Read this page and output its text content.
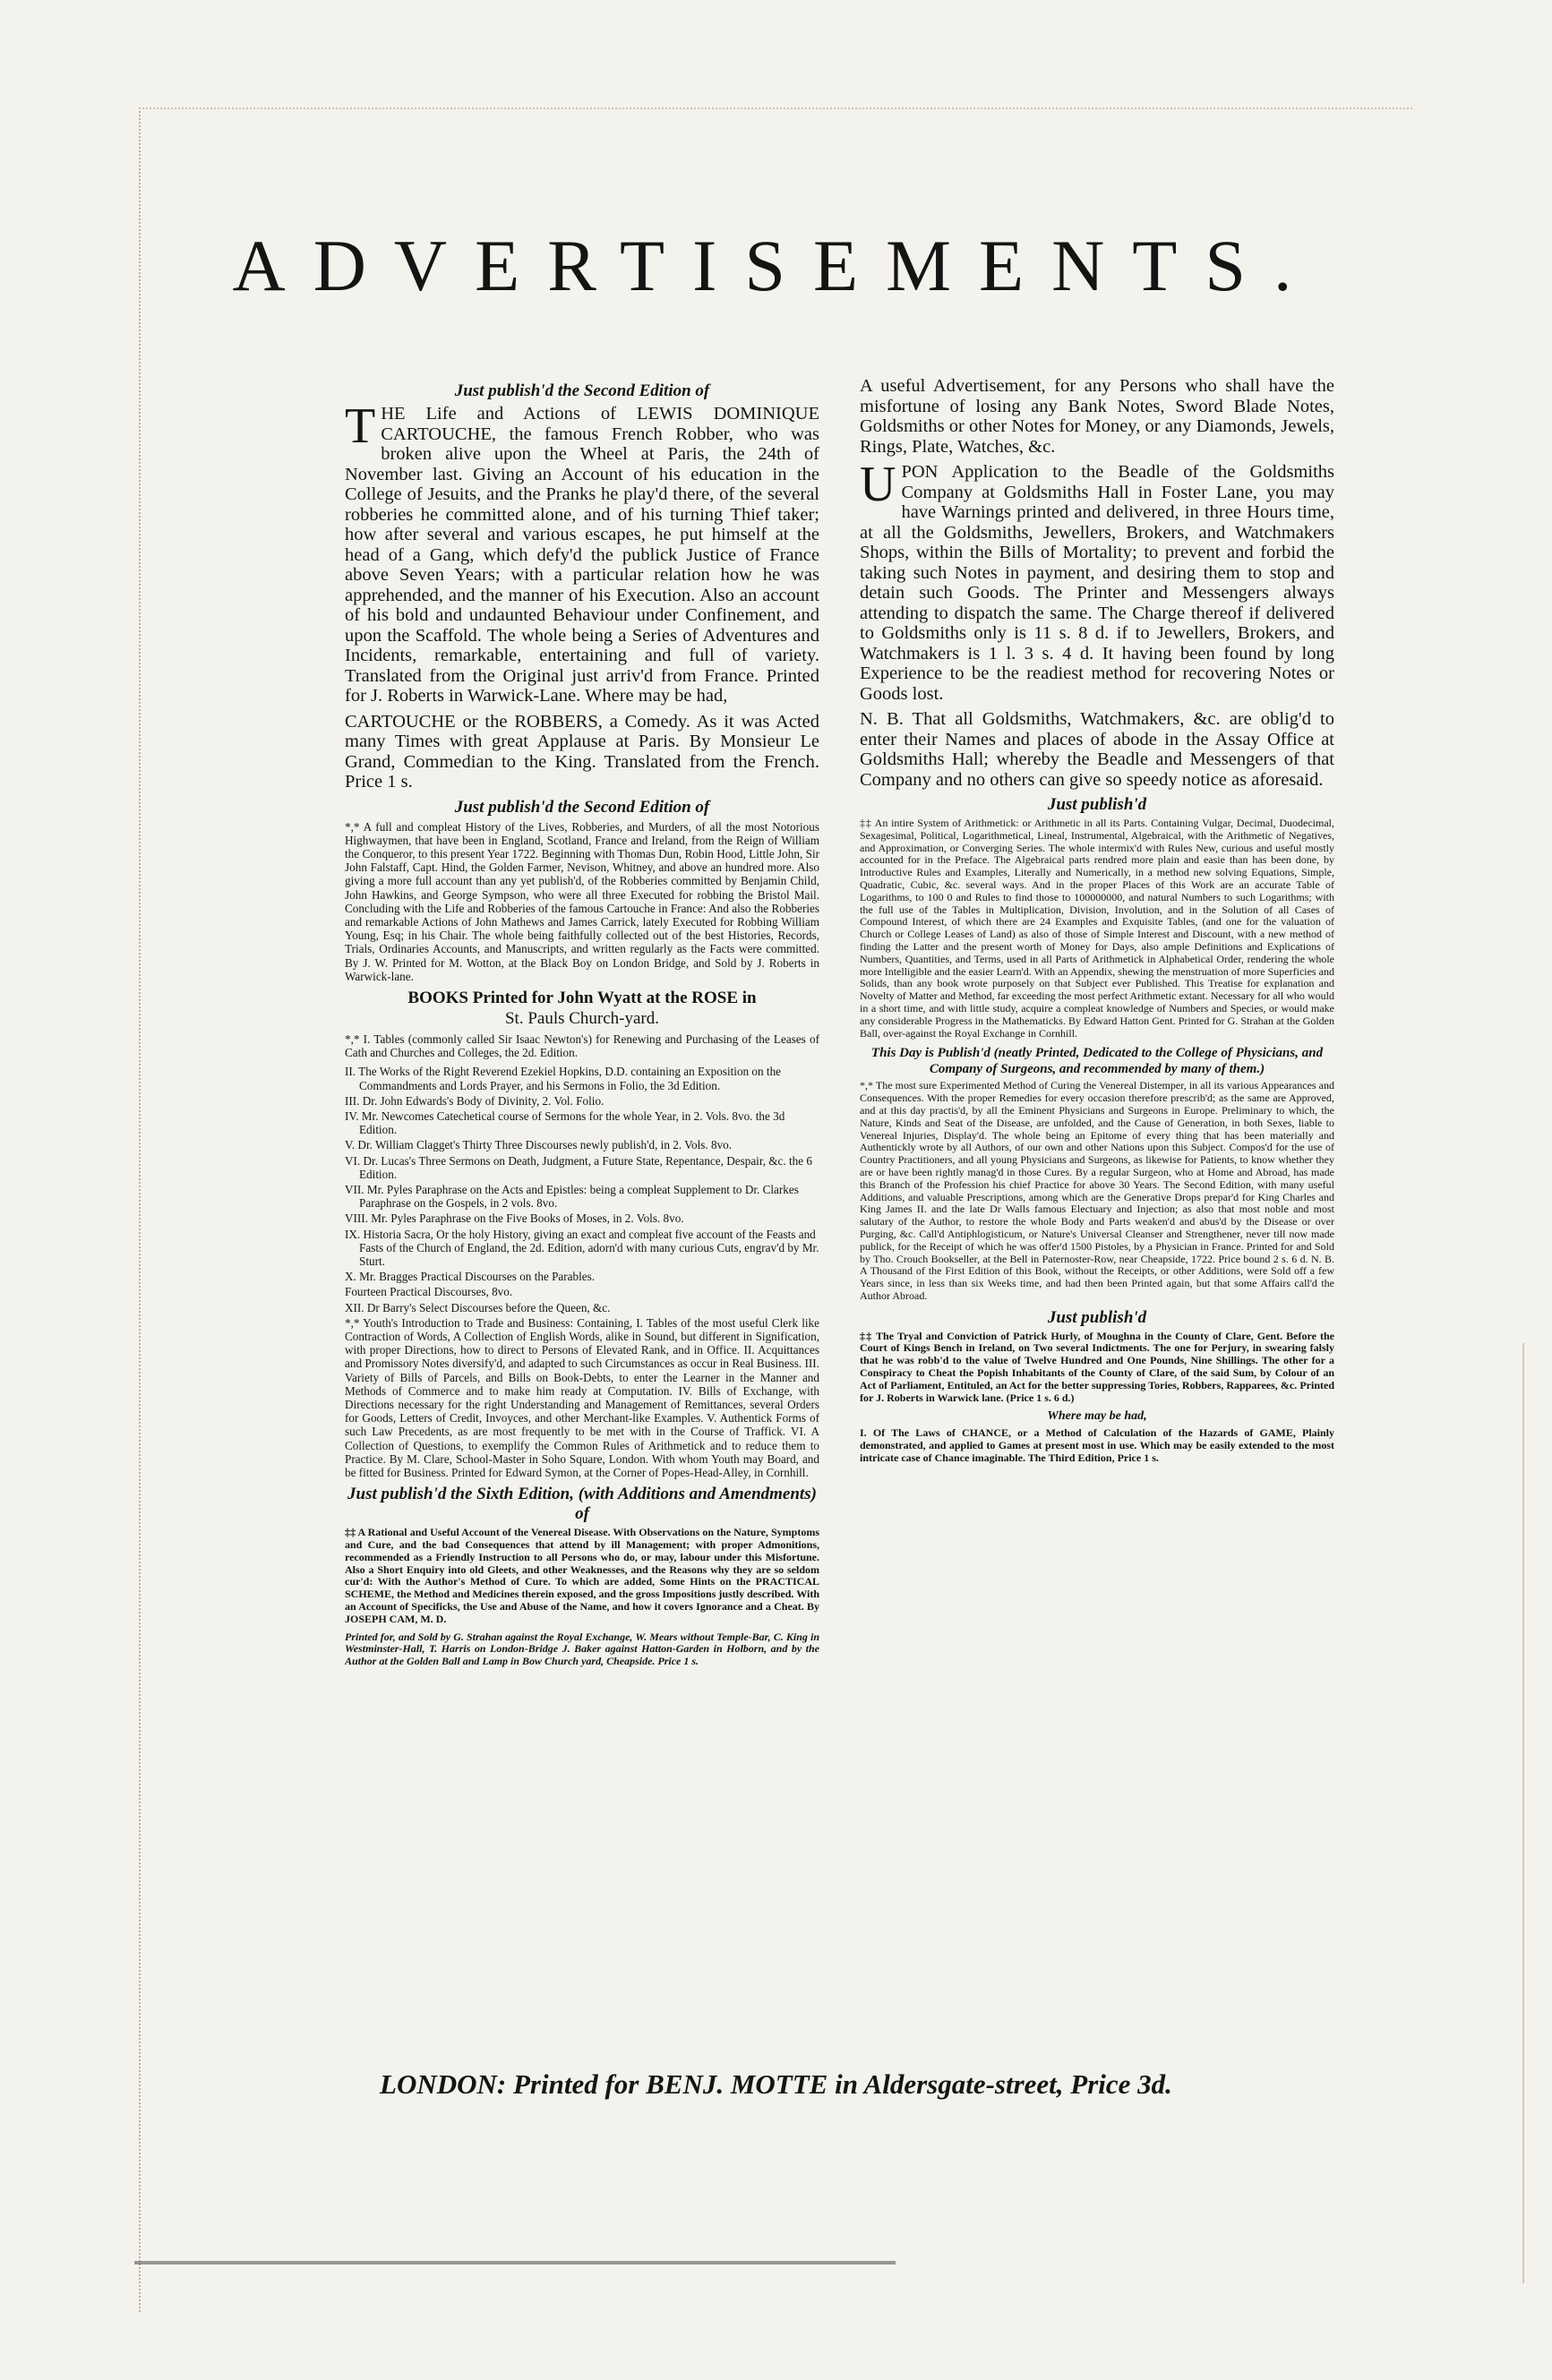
ADVERTISEMENTS.

Just publish'd the Second Edition of

THE Life and Actions of LEWIS DOMINIQUE CARTOUCHE, the famous French Robber, who was broken alive upon the Wheel at Paris, the 24th of November last. Giving an Account of his education in the College of Jesuits, and the Pranks he play'd there, of the several robberies he committed alone, and of his turning Thief taker; how after several and various escapes, he put himself at the head of a Gang, which defy'd the publick Justice of France above Seven Years; with a particular relation how he was apprehended, and the manner of his Execution. Also an account of his bold and undaunted Behaviour under Confinement, and upon the Scaffold. The whole being a Series of Adventures and Incidents, remarkable, entertaining and full of variety. Translated from the Original just arriv'd from France. Printed for J. Roberts in Warwick-Lane. Where may be had,

CARTOUCHE or the ROBBERS, a Comedy. As it was Acted many Times with great Applause at Paris. By Monsieur Le Grand, Commedian to the King. Translated from the French. Price 1 s.

Just publish'd the Second Edition of

*,* A full and compleat History of the Lives, Robberies, and Murders, of all the most Notorious Highwaymen, that have been in England, Scotland, France and Ireland, from the Reign of William the Conqueror, to this present Year 1722. Beginning with Thomas Dun, Robin Hood, Little John, Sir John Falstaff, Capt. Hind, the Golden Farmer, Nevison, Whitney, and above an hundred more. Also giving a more full account than any yet publish'd, of the Robberies committed by Benjamin Child, John Hawkins, and George Sympson, who were all three Executed for robbing the Bristol Mail. Concluding with the Life and Robberies of the famous Cartouche in France: And also the Robberies and remarkable Actions of John Mathews and James Carrick, lately Executed for Robbing William Young, Esq; in his Chair. The whole being faithfully collected out of the best Histories, Records, Trials, Ordinaries Accounts, and Manuscripts, and written regularly as the Facts were committed. By J. W. Printed for M. Wotton, at the Black Boy on London Bridge, and Sold by J. Roberts in Warwick-lane.

BOOKS Printed for John Wyatt at the ROSE in

St. Pauls Church-yard.

*,* I. Tables (commonly called Sir Isaac Newton's) for Renewing and Purchasing of the Leases of Cath and Churches and Colleges, the 2d. Edition.

II. The Works of the Right Reverend Ezekiel Hopkins, D.D. containing an Exposition on the Commandments and Lords Prayer, and his Sermons in Folio, the 3d Edition.

III. Dr. John Edwards's Body of Divinity, 2. Vol. Folio.

IV. Mr. Newcomes Catechetical course of Sermons for the whole Year, in 2. Vols. 8vo. the 3d Edition.

V. Dr. William Clagget's Thirty Three Discourses newly publish'd, in 2. Vols. 8vo.

VI. Dr. Lucas's Three Sermons on Death, Judgment, a Future State, Repentance, Despair, &c. the 6 Edition.

VII. Mr. Pyles Paraphrase on the Acts and Epistles: being a compleat Supplement to Dr. Clarkes Paraphrase on the Gospels, in 2 vols. 8vo.

VIII. Mr. Pyles Paraphrase on the Five Books of Moses, in 2. Vols. 8vo.

IX. Historia Sacra, Or the holy History, giving an exact and compleat five account of the Feasts and Fasts of the Church of England, the 2d. Edition, adorn'd with many curious Cuts, engrav'd by Mr. Sturt.

X. Mr. Bragges Practical Discourses on the Parables.

Fourteen Practical Discourses, 8vo.

XII. Dr Barry's Select Discourses before the Queen, &c.

*,* Youth's Introduction to Trade and Business: Containing, I. Tables of the most useful Clerk like Contraction of Words, A Collection of English Words, alike in Sound, but different in Signification, with proper Directions, how to direct to Persons of Elevated Rank, and in Office. II. Acquittances and Promissory Notes diversify'd, and adapted to such Circumstances as occur in Real Business. III. Variety of Bills of Parcels, and Bills on Book-Debts, to enter the Learner in the Manner and Methods of Commerce and to make him ready at Computation. IV. Bills of Exchange, with Directions necessary for the right Understanding and Management of Remittances, several Orders for Goods, Letters of Credit, Invoyces, and other Merchant-like Examples. V. Authentick Forms of such Law Precedents, as are most frequently to be met with in the Course of Traffick. VI. A Collection of Questions, to exemplify the Common Rules of Arithmetick and to reduce them to Practice. By M. Clare, School-Master in Soho Square, London. With whom Youth may Board, and be fitted for Business. Printed for Edward Symon, at the Corner of Popes-Head-Alley, in Cornhill.

Just publish'd the Sixth Edition, (with Additions and Amendments) of

‡‡ A Rational and Useful Account of the Venereal Disease. With Observations on the Nature, Symptoms and Cure, and the bad Consequences that attend by ill Management; with proper Admonitions, recommended as a Friendly Instruction to all Persons who do, or may, labour under this Misfortune. Also a Short Enquiry into old Gleets, and other Weaknesses, and the Reasons why they are so seldom cur'd: With the Author's Method of Cure. To which are added, Some Hints on the PRACTICAL SCHEME, the Method and Medicines therein exposed, and the gross Impositions justly described. With an Account of Specificks, the Use and Abuse of the Name, and how it covers Ignorance and a Cheat. By JOSEPH CAM, M. D.

Printed for, and Sold by G. Strahan against the Royal Exchange, W. Mears without Temple-Bar, C. King in Westminster-Hall, T. Harris on London-Bridge J. Baker against Hatton-Garden in Holborn, and by the Author at the Golden Ball and Lamp in Bow Church yard, Cheapside. Price 1 s.

A useful Advertisement, for any Persons who shall have the misfortune of losing any Bank Notes, Sword Blade Notes, Goldsmiths or other Notes for Money, or any Diamonds, Jewels, Rings, Plate, Watches, &c.

UPON Application to the Beadle of the Goldsmiths Company at Goldsmiths Hall in Foster Lane, you may have Warnings printed and delivered, in three Hours time, at all the Goldsmiths, Jewellers, Brokers, and Watchmakers Shops, within the Bills of Mortality; to prevent and forbid the taking such Notes in payment, and desiring them to stop and detain such Goods. The Printer and Messengers always attending to dispatch the same. The Charge thereof if delivered to Goldsmiths only is 11 s. 8 d. if to Jewellers, Brokers, and Watchmakers is 1 l. 3 s. 4 d. It having been found by long Experience to be the readiest method for recovering Notes or Goods lost.

N. B. That all Goldsmiths, Watchmakers, &c. are oblig'd to enter their Names and places of abode in the Assay Office at Goldsmiths Hall; whereby the Beadle and Messengers of that Company and no others can give so speedy notice as aforesaid.

Just publish'd

‡‡ An intire System of Arithmetick: or Arithmetic in all its Parts. Containing Vulgar, Decimal, Duodecimal, Sexagesimal, Political, Logarithmetical, Lineal, Instrumental, Algebraical, with the Arithmetic of Negatives, and Approximation, or Converging Series. The whole intermix'd with Rules New, curious and useful mostly accounted for in the Preface. The Algebraical parts rendred more plain and easie than has been done, by Introductive Rules and Examples, Literally and Numerically, in a method new solving Equations, Simple, Quadratic, Cubic, &c. several ways. And in the proper Places of this Work are an accurate Table of Logarithms, to 100 0 and Rules to find those to 100000000, and natural Numbers to such Logarithms; with the full use of the Tables in Multiplication, Division, Involution, and in the Solution of all Cases of Compound Interest, of which there are 24 Examples and Exquisite Tables, (and one for the valuation of Church or College Leases of Land) as also of those of Simple Interest and Discount, with a new method of finding the Latter and the present worth of Money for Days, also ample Definitions and Explications of Numbers, Quantities, and Terms, used in all Parts of Arithmetick in Alphabetical Order, rendering the whole more Intelligible and the easier Learn'd. With an Appendix, shewing the menstruation of more Superficies and Solids, than any book wrote purposely on that Subject ever Published. This Treatise for explanation and Novelty of Matter and Method, far exceeding the most perfect Arithmetic extant. Necessary for all who would in a short time, and with little study, acquire a compleat knowledge of Numbers and Species, or would make any considerable Progress in the Mathematicks. By Edward Hatton Gent. Printed for G. Strahan at the Golden Ball, over-against the Royal Exchange in Cornhill.

This Day is Publish'd (neatly Printed, Dedicated to the College of Physicians, and Company of Surgeons, and recommended by many of them.)

*,* The most sure Experimented Method of Curing the Venereal Distemper, in all its various Appearances and Consequences. With the proper Remedies for every occasion therefore prescrib'd; as the same are Approved, and at this day practis'd, by all the Eminent Physicians and Surgeons in Europe. Preliminary to which, the Nature, Kinds and Seat of the Disease, are unfolded, and the Cause of Generation, in both Sexes, liable to Venereal Injuries, Display'd. The whole being an Epitome of every thing that has been materially and Authentickly wrote by all Authors, of our own and other Nations upon this Subject. Compos'd for the use of Country Practitioners, and all young Physicians and Surgeons, as likewise for Patients, to know whether they are or have been rightly manag'd in those Cures. By a regular Surgeon, who at Home and Abroad, has made this Branch of the Profession his chief Practice for above 30 Years. The Second Edition, with many useful Additions, and valuable Prescriptions, among which are the Generative Drops prepar'd for King Charles and King James II. and the late Dr Walls famous Electuary and Injection; as also that most noble and most salutary of the Author, to restore the whole Body and Parts weaken'd and abus'd by the Disease or over Purging, &c. Call'd Antiphlogisticum, or Nature's Universal Cleanser and Strengthener, never till now made publick, for the Receipt of which he was offer'd 1500 Pistoles, by a Physician in France. Printed for and Sold by Tho. Crouch Bookseller, at the Bell in Paternoster-Row, near Cheapside, 1722. Price bound 2 s. 6 d. N. B. A Thousand of the First Edition of this Book, without the Receipts, or other Additions, were Sold off a few Years since, in less than six Weeks time, and had then been Printed again, but that some Affairs call'd the Author Abroad.

Just publish'd

‡‡ The Tryal and Conviction of Patrick Hurly, of Moughna in the County of Clare, Gent. Before the Court of Kings Bench in Ireland, on Two several Indictments. The one for Perjury, in swearing falsly that he was robb'd to the value of Twelve Hundred and One Pounds, Nine Shillings. The other for a Conspiracy to Cheat the Popish Inhabitants of the County of Clare, of the said Sum, by Colour of an Act of Parliament, Entituled, an Act for the better suppressing Tories, Robbers, Rapparees, &c. Printed for J. Roberts in Warwick lane. (Price 1 s. 6 d.)

Where may be had,

I. Of The Laws of CHANCE, or a Method of Calculation of the Hazards of GAME, Plainly demonstrated, and applied to Games at present most in use. Which may be easily extended to the most intricate case of Chance imaginable. The Third Edition, Price 1 s.

LONDON: Printed for BENJ. MOTTE in Aldersgate-street, Price 3d.
